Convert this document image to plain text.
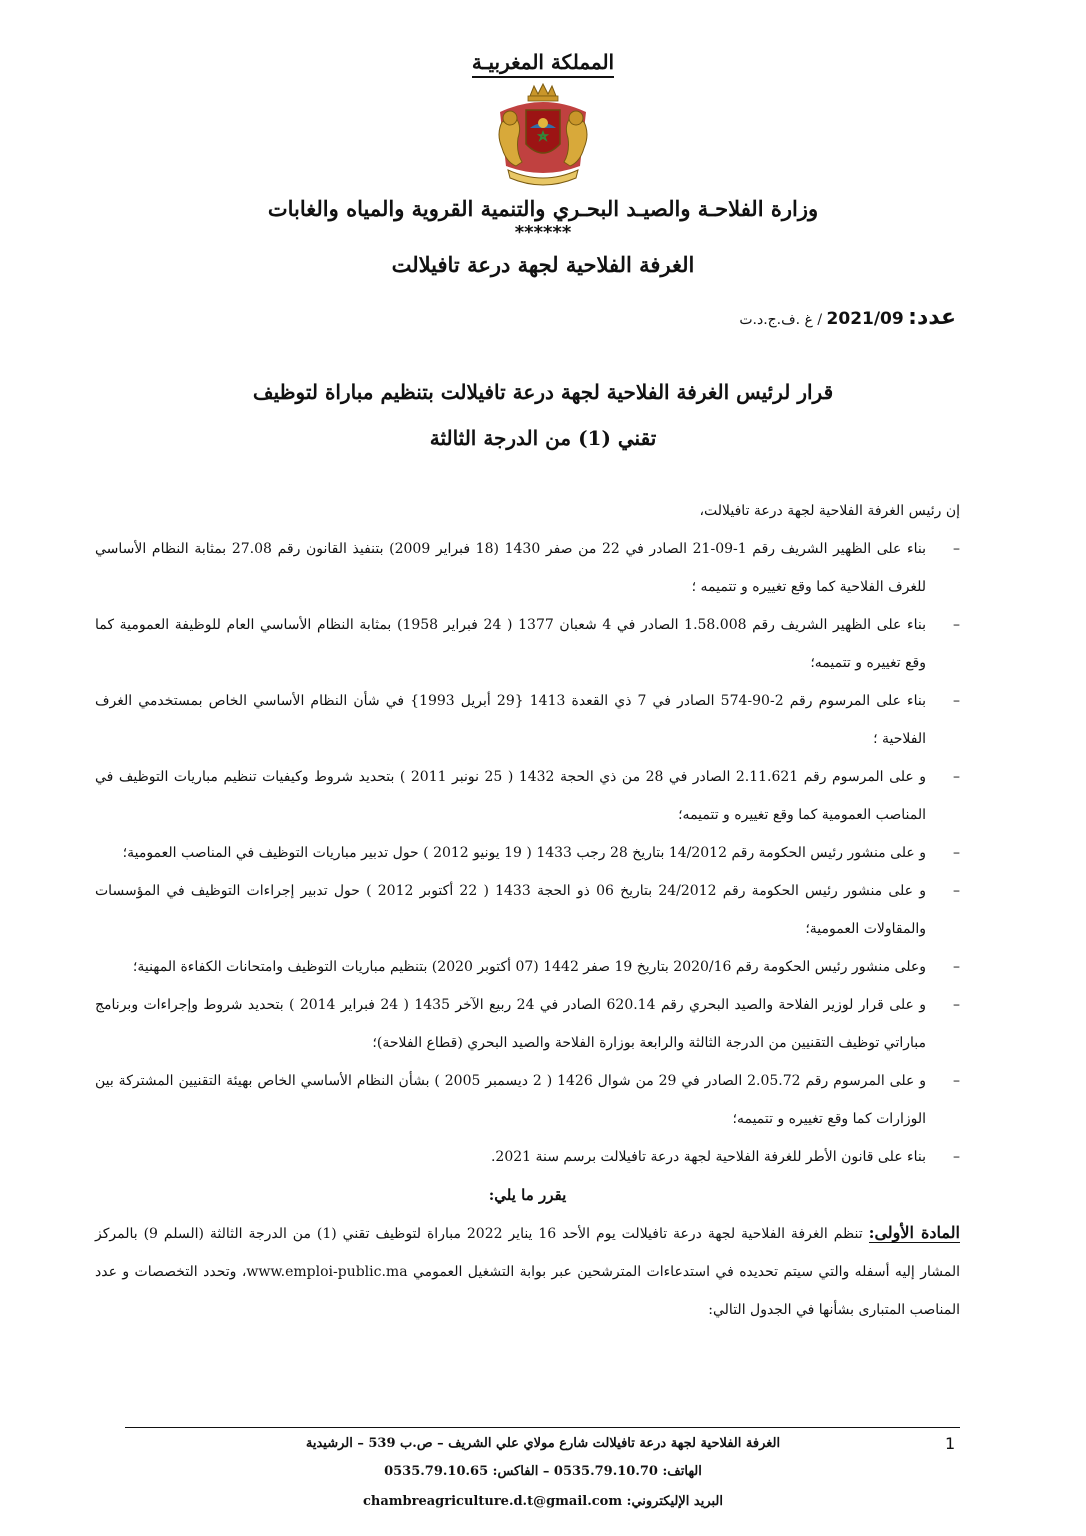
المملكة المغربيـة
وزارة الفلاحـة والصيـد البحـري والتنمية القروية والمياه والغابات
******
الغرفة الفلاحية لجهة درعة تافيلالت
عدد: 2021/09 / غ .ف.ج.د.ت
قرار لرئيس الغرفة الفلاحية لجهة درعة تافيلالت بتنظيم مباراة لتوظيف
تقني (1) من الدرجة الثالثة

إن رئيس الغرفة الفلاحية لجهة درعة تافيلالت،

– بناء على الظهير الشريف رقم 1-09-21 الصادر في 22 من صفر 1430 (18 فبراير 2009) بتنفيذ القانون رقم 27.08 بمثابة النظام الأساسي للغرف الفلاحية كما وقع تغييره و تتميمه ؛
– بناء على الظهير الشريف رقم 1.58.008 الصادر في 4 شعبان 1377 ( 24 فبراير 1958) بمثابة النظام الأساسي العام للوظيفة العمومية كما وقع تغييره و تتميمه؛
– بناء على المرسوم رقم 2-90-574 الصادر في 7 ذي القعدة 1413 {29 أبريل 1993} في شأن النظام الأساسي الخاص بمستخدمي الغرف الفلاحية ؛
– و على المرسوم رقم 2.11.621 الصادر في 28 من ذي الحجة 1432 ( 25 نونبر 2011 ) بتحديد شروط وكيفيات تنظيم مباريات التوظيف في المناصب العمومية كما وقع تغييره و تتميمه؛
– و على منشور رئيس الحكومة رقم 14/2012 بتاريخ 28 رجب 1433 ( 19 يونيو 2012 ) حول تدبير مباريات التوظيف في المناصب العمومية؛
– و على منشور رئيس الحكومة رقم 24/2012 بتاريخ 06 ذو الحجة 1433 ( 22 أكتوبر 2012 ) حول تدبير إجراءات التوظيف في المؤسسات والمقاولات العمومية؛
– وعلى منشور رئيس الحكومة رقم 2020/16 بتاريخ 19 صفر 1442 (07 أكتوبر 2020) بتنظيم مباريات التوظيف وامتحانات الكفاءة المهنية؛
– و على قرار لوزير الفلاحة والصيد البحري رقم 620.14 الصادر في 24 ربيع الآخر 1435 ( 24 فبراير 2014 ) بتحديد شروط وإجراءات وبرنامج مباراتي توظيف التقنيين من الدرجة الثالثة والرابعة بوزارة الفلاحة والصيد البحري (قطاع الفلاحة)؛
– و على المرسوم رقم 2.05.72 الصادر في 29 من شوال 1426 ( 2 ديسمبر 2005 ) بشأن النظام الأساسي الخاص بهيئة التقنيين المشتركة بين الوزارات كما وقع تغييره و تتميمه؛
– بناء على قانون الأطر للغرفة الفلاحية لجهة درعة تافيلالت برسم سنة 2021.

يقرر ما يلي:

المادة الأولى: تنظم الغرفة الفلاحية لجهة درعة تافيلالت يوم الأحد 16 يناير 2022 مباراة لتوظيف تقني (1) من الدرجة الثالثة (السلم 9) بالمركز المشار إليه أسفله والتي سيتم تحديده في استدعاءات المترشحين عبر بوابة التشغيل العمومي www.emploi-public.ma، وتحدد التخصصات و عدد المناصب المتبارى بشأنها في الجدول التالي:

1
الغرفة الفلاحية لجهة درعة تافيلالت شارع مولاي علي الشريف – ص.ب 539 – الرشيدية
الهاتف: 0535.79.10.70 – الفاكس: 0535.79.10.65
البريد الإليكتروني: chambreagriculture.d.t@gmail.com
